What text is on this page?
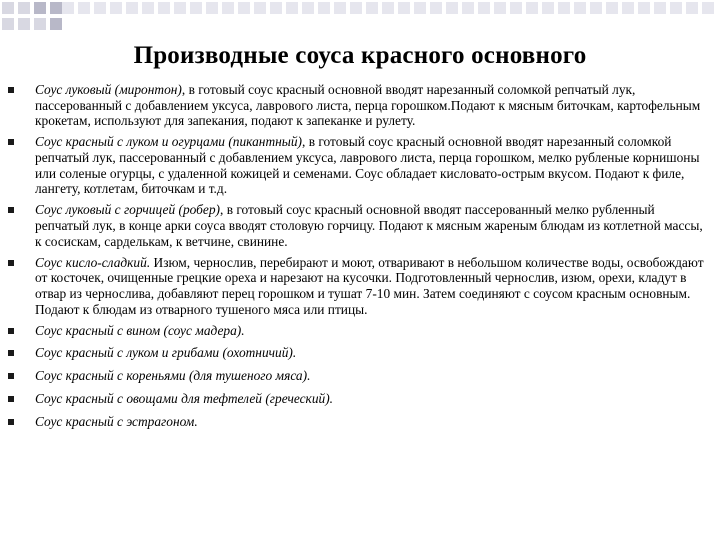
Производные соуса красного основного
Соус луковый (миронтон), в готовый соус красный основной вводят нарезанный соломкой репчатый лук, пассерованный с добавлением уксуса, лаврового листа, перца горошком.Подают к мясным биточкам, картофельным крокетам, используют для запекания, подают к запеканке и рулету.
Соус красный с луком и огурцами (пикантный), в готовый соус красный основной вводят нарезанный соломкой репчатый лук, пассерованный с добавлением уксуса, лаврового листа, перца горошком, мелко рубленые корнишоны или соленые огурцы, с удаленной кожицей и семенами. Соус обладает кисловато-острым вкусом. Подают к филе, лангету, котлетам, биточкам и т.д.
Соус луковый с горчицей (робер), в готовый соус красный основной вводят пассерованный мелко рубленный репчатый лук, в конце арки соуса вводят столовую горчицу. Подают к мясным жареным блюдам из котлетной массы, к сосискам, сарделькам, к ветчине, свинине.
Соус кисло-сладкий. Изюм, чернослив, перебирают и моют, отваривают в небольшом количестве воды, освобождают от косточек, очищенные грецкие ореха и нарезают на кусочки. Подготовленный чернослив, изюм, орехи, кладут в отвар из чернослива, добавляют перец горошком и тушат 7-10 мин. Затем соединяют с соусом красным основным. Подают к блюдам из отварного тушеного мяса или птицы.
Соус красный с вином (соус мадера).
Соус красный с луком и грибами (охотничий).
Соус красный с кореньями (для тушеного мяса).
Соус красный с овощами для тефтелей (греческий).
Соус красный с эстрагоном.
